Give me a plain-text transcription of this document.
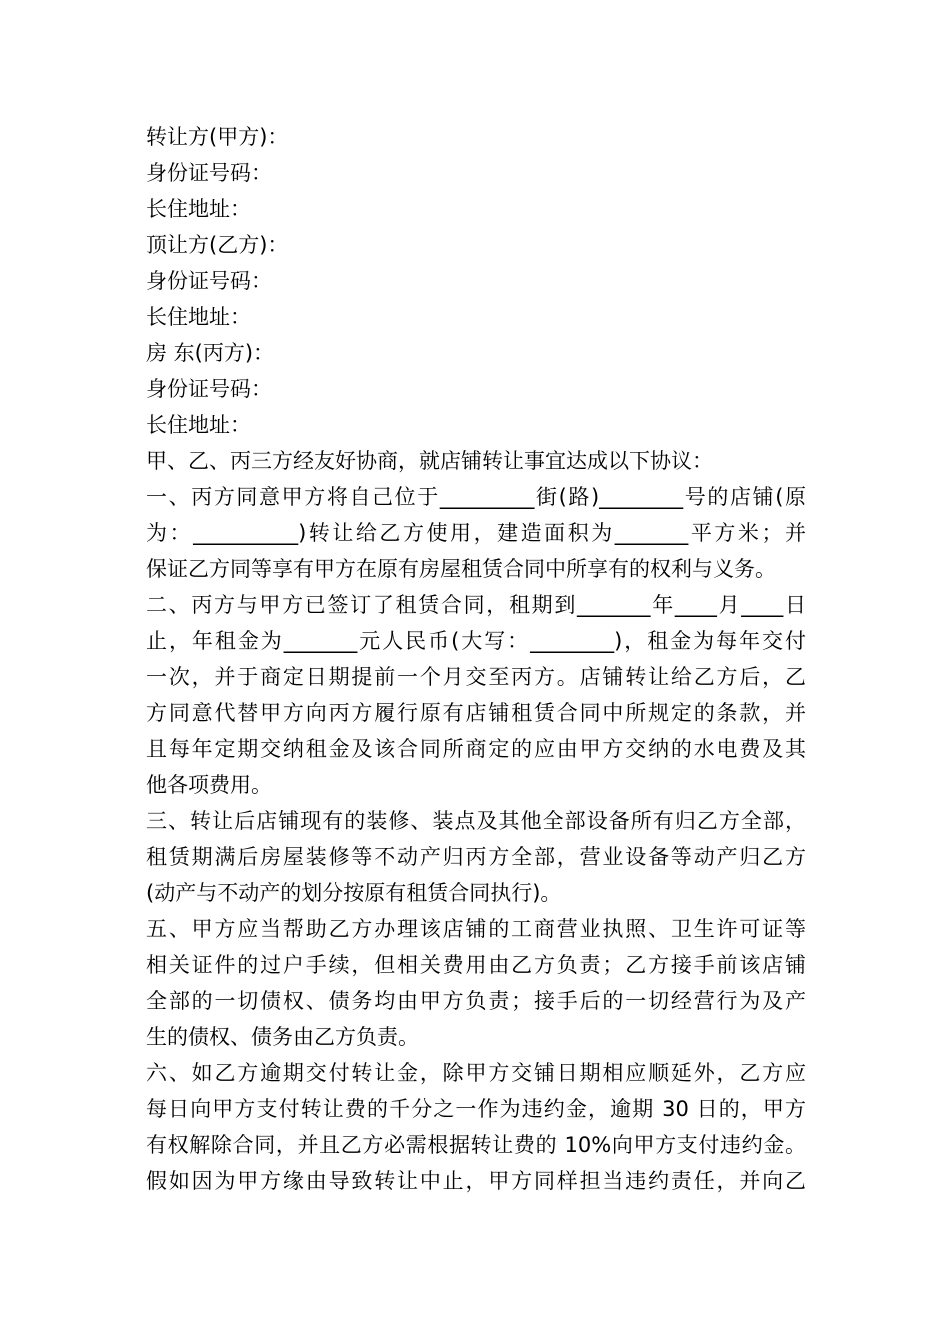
转让方(甲方)：
身份证号码：
长住地址：
顶让方(乙方)：
身份证号码：
长住地址：
房 东(丙方)：
身份证号码：
长住地址：
甲、乙、丙三方经友好协商，就店铺转让事宜达成以下协议：
一、丙方同意甲方将自己位于_________街(路)________号的店铺(原
为：__________)转让给乙方使用，建造面积为_______平方米；并
保证乙方同等享有甲方在原有房屋租赁合同中所享有的权利与义务。
二、丙方与甲方已签订了租赁合同，租期到_______年____月____日
止，年租金为_______元人民币(大写：________)，租金为每年交付
一次，并于商定日期提前一个月交至丙方。店铺转让给乙方后，乙
方同意代替甲方向丙方履行原有店铺租赁合同中所规定的条款，并
且每年定期交纳租金及该合同所商定的应由甲方交纳的水电费及其
他各项费用。
三、转让后店铺现有的装修、装点及其他全部设备所有归乙方全部，
租赁期满后房屋装修等不动产归丙方全部，营业设备等动产归乙方
(动产与不动产的划分按原有租赁合同执行)。
五、甲方应当帮助乙方办理该店铺的工商营业执照、卫生许可证等
相关证件的过户手续，但相关费用由乙方负责；乙方接手前该店铺
全部的一切债权、债务均由甲方负责；接手后的一切经营行为及产
生的债权、债务由乙方负责。
六、如乙方逾期交付转让金，除甲方交铺日期相应顺延外，乙方应
每日向甲方支付转让费的千分之一作为违约金，逾期 30 日的，甲方
有权解除合同，并且乙方必需根据转让费的 10%向甲方支付违约金。
假如因为甲方缘由导致转让中止，甲方同样担当违约责任，并向乙
